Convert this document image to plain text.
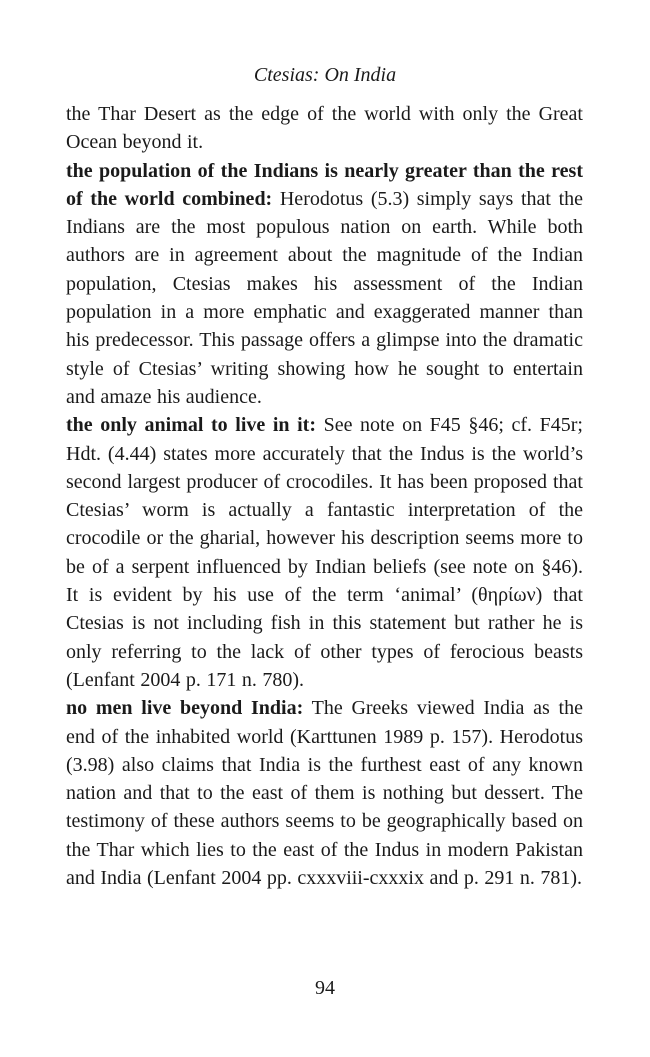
Ctesias: On India

the Thar Desert as the edge of the world with only the Great Ocean beyond it.

the population of the Indians is nearly greater than the rest of the world combined: Herodotus (5.3) simply says that the Indians are the most populous nation on earth. While both authors are in agreement about the magnitude of the Indian population, Ctesias makes his assessment of the Indian population in a more emphatic and exaggerated manner than his predecessor. This passage offers a glimpse into the dramatic style of Ctesias’ writing showing how he sought to entertain and amaze his audience.

the only animal to live in it: See note on F45 §46; cf. F45r; Hdt. (4.44) states more accurately that the Indus is the world’s second largest producer of crocodiles. It has been proposed that Ctesias’ worm is actually a fantastic interpretation of the crocodile or the gharial, however his description seems more to be of a serpent influenced by Indian beliefs (see note on §46). It is evident by his use of the term ‘animal’ (θηρίων) that Ctesias is not including fish in this statement but rather he is only referring to the lack of other types of ferocious beasts (Lenfant 2004 p. 171 n. 780).

no men live beyond India: The Greeks viewed India as the end of the inhabited world (Karttunen 1989 p. 157). Herodotus (3.98) also claims that India is the furthest east of any known nation and that to the east of them is nothing but dessert. The testimony of these authors seems to be geographically based on the Thar which lies to the east of the Indus in modern Pakistan and India (Lenfant 2004 pp. cxxxviii-cxxxix and p. 291 n. 781).

94
